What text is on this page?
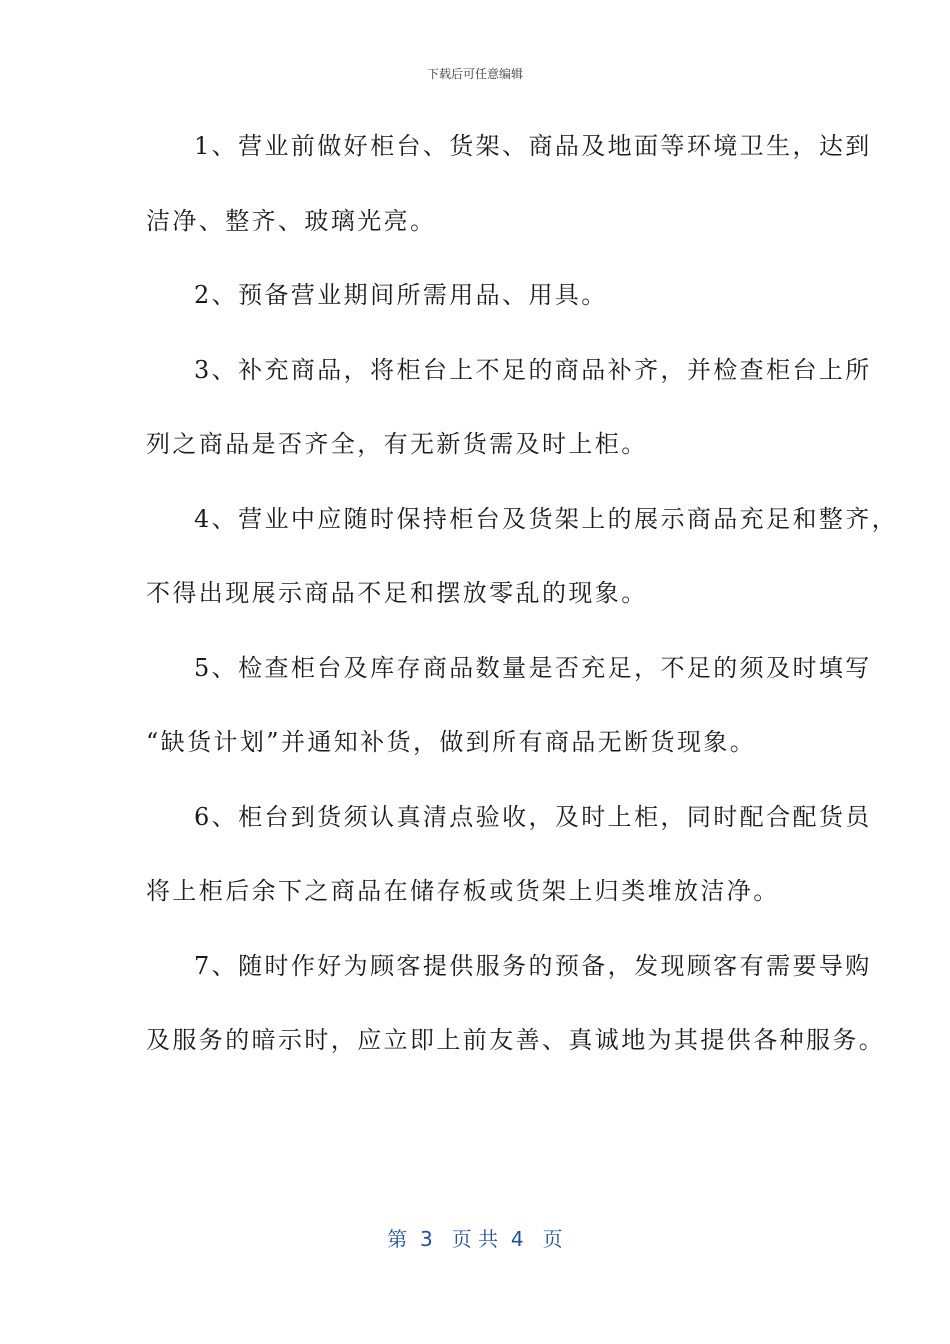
下载后可任意编辑
1、营业前做好柜台、货架、商品及地面等环境卫生，达到
洁净、整齐、玻璃光亮。
2、预备营业期间所需用品、用具。
3、补充商品，将柜台上不足的商品补齐，并检查柜台上所
列之商品是否齐全，有无新货需及时上柜。
4、营业中应随时保持柜台及货架上的展示商品充足和整齐，
不得出现展示商品不足和摆放零乱的现象。
5、检查柜台及库存商品数量是否充足，不足的须及时填写
“缺货计划”并通知补货，做到所有商品无断货现象。
6、柜台到货须认真清点验收，及时上柜，同时配合配货员
将上柜后余下之商品在储存板或货架上归类堆放洁净。
7、随时作好为顾客提供服务的预备，发现顾客有需要导购
及服务的暗示时，应立即上前友善、真诚地为其提供各种服务。
第  3   页 共  4   页
